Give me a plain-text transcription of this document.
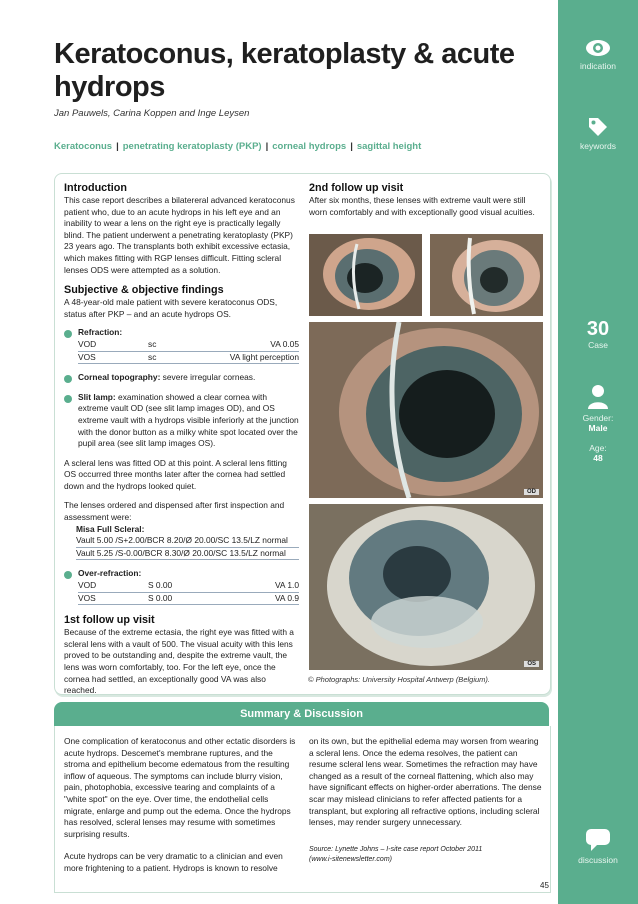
Keratoconus, keratoplasty & acute hydrops
Jan Pauwels, Carina Koppen and Inge Leysen
Keratoconus | penetrating keratoplasty (PKP) | corneal hydrops | sagittal height
indication
keywords
30
Case
Gender:
Male
Age:
48
discussion
Introduction

This case report describes a bilatereral advanced keratoconus patient who, due to an acute hydrops in his left eye and an inability to wear a lens on the right eye is practically legally blind. The patient underwent a penetrating keratoplasty (PKP) 23 years ago. The transplants both exhibit excessive ectasia, which makes fitting with RGP lenses difficult. Fitting scleral lenses ODS were attempted as a solution.

Subjective & objective findings

A 48-year-old male patient with severe keratoconus ODS, status after PKP – and an acute hydrops OS.

Refraction:
VOD	sc	VA 0.05
VOS	sc	VA light perception
Corneal topography: severe irregular corneas.
Slit lamp: examination showed a clear cornea with extreme vault OD (see slit lamp images OD), and OS extreme vault with a hydrops visible inferiorly at the junction with the donor button as a milky white spot located over the pupil area (see slit lamp images OS).

A scleral lens was fitted OD at this point. A scleral lens fitting OS occurred three months later after the cornea had settled down and the hydrops looked quiet.

The lenses ordered and dispensed after first inspection and assessment were:

Misa Full Scleral:
Vault 5.00 /S+2.00/BCR 8.20/Ø 20.00/SC 13.5/LZ normal
Vault 5.25 /S-0.00/BCR 8.30/Ø 20.00/SC 13.5/LZ normal
Over-refraction:
VOD	S 0.00	VA 1.0
VOS	S 0.00	VA 0.9
1st follow up visit

Because of the extreme ectasia, the right eye was fitted with a scleral lens with a vault of 500. The visual acuity with this lens proved to be outstanding and, despite the extreme vault, the lens was worn comfortably, too. For the left eye, once the cornea had settled, an exceptionally good VA was also reached.

2nd follow up visit

After six months, these lenses with extreme vault were still worn comfortably and with exceptionally good visual acuities.

OD
OS
© Photographs: University Hospital Antwerp (Belgium).
Summary & Discussion

One complication of keratoconus and other ectatic disorders is acute hydrops. Descemet's membrane ruptures, and the stroma and epithelium become edematous from the resulting inflow of aqueous. The symptoms can include blurry vision, pain, photophobia, excessive tearing and complaints of a "white spot" on the eye. Over time, the endothelial cells migrate, enlarge and pump out the edema. Once the hydrops has resolved, scleral lenses may resume with sometimes surprising results.

Acute hydrops can be very dramatic to a clinician and even more frightening to a patient. Hydrops is known to resolve

on its own, but the epithelial edema may worsen from wearing a scleral lens. Once the edema resolves, the patient can resume scleral lens wear. Sometimes the refraction may have changed as a result of the corneal flattening, which also may have significant effects on higher-order aberrations. The dense scar may mislead clinicians to refer affected patients for a transplant, but exploring all refractive options, including scleral lenses, may render surgery unnecessary.

Source: Lynette Johns – I-site case report October 2011
(www.i-sitenewsletter.com)
45
